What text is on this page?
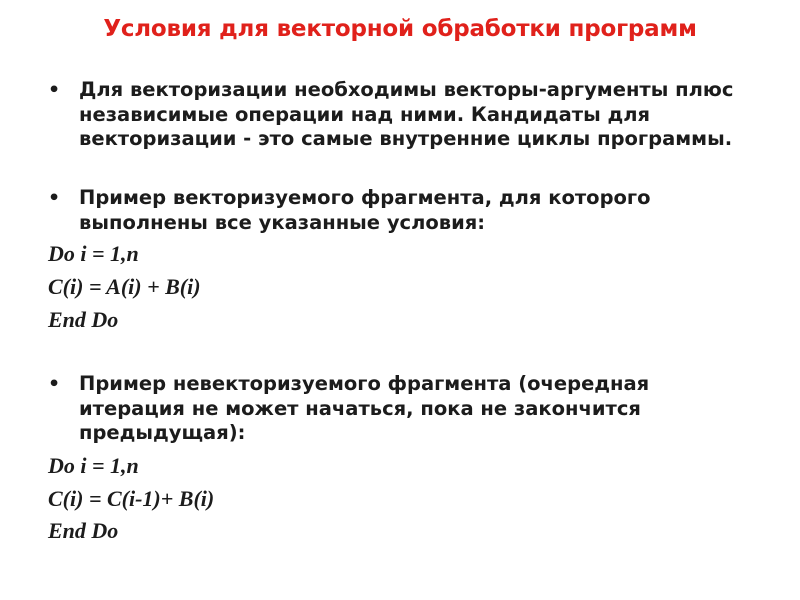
Условия для векторной обработки программ
• Для векторизации необходимы векторы-аргументы плюс независимые операции над ними. Кандидаты для векторизации - это самые внутренние циклы программы.
• Пример векторизуемого фрагмента, для которого выполнены все указанные условия:
Do i = 1,n
C(i) = A(i) + B(i)
End Do
• Пример невекторизуемого фрагмента (очередная итерация не может начаться, пока не закончится предыдущая):
Do i = 1,n
C(i) = C(i-1)+ B(i)
End Do
